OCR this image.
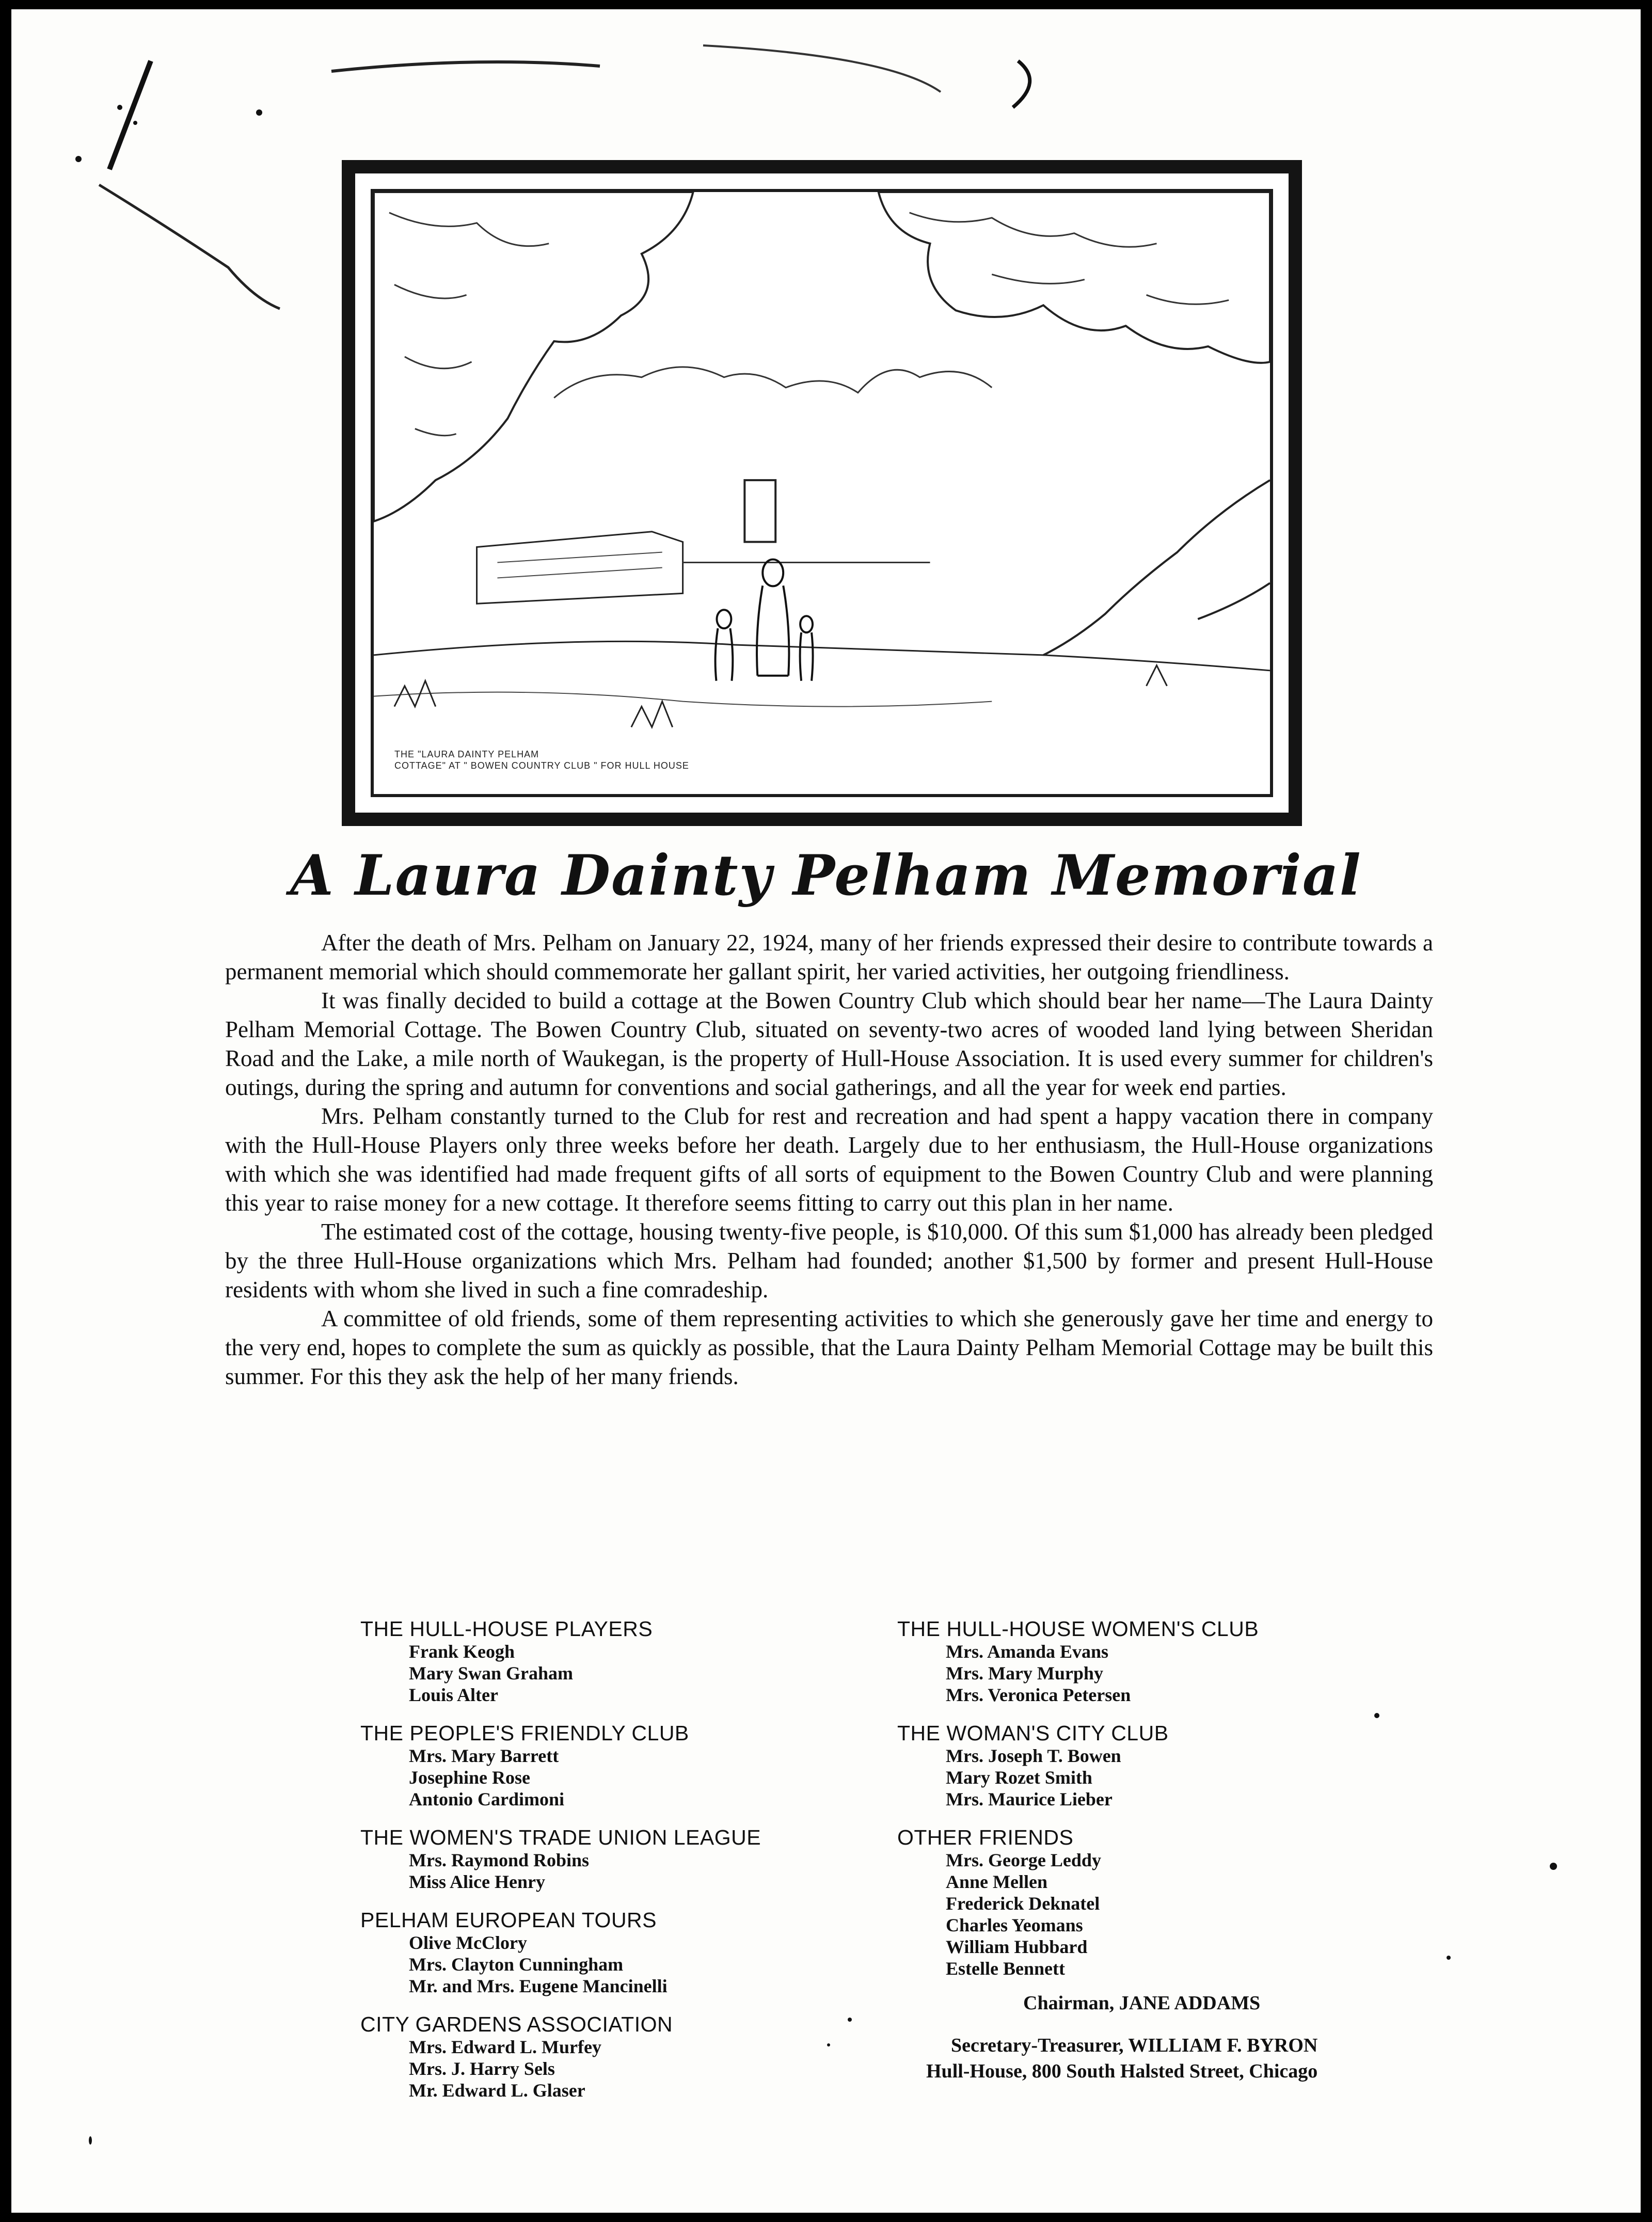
THE "LAURA DAINTY PELHAM
COTTAGE" AT " BOWEN COUNTRY CLUB " FOR HULL HOUSE
A Laura Dainty Pelham Memorial

After the death of Mrs. Pelham on January 22, 1924, many of her friends expressed their desire to contribute towards a permanent memorial which should commemorate her gallant spirit, her varied activities, her outgoing friendliness.

It was finally decided to build a cottage at the Bowen Country Club which should bear her name—The Laura Dainty Pelham Memorial Cottage. The Bowen Country Club, situated on seventy-two acres of wooded land lying between Sheridan Road and the Lake, a mile north of Waukegan, is the property of Hull-House Association. It is used every summer for children's outings, during the spring and autumn for conventions and social gatherings, and all the year for week end parties.

Mrs. Pelham constantly turned to the Club for rest and recreation and had spent a happy vacation there in company with the Hull-House Players only three weeks before her death. Largely due to her enthusiasm, the Hull-House organizations with which she was identified had made frequent gifts of all sorts of equipment to the Bowen Country Club and were planning this year to raise money for a new cottage. It therefore seems fitting to carry out this plan in her name.

The estimated cost of the cottage, housing twenty-five people, is $10,000. Of this sum $1,000 has already been pledged by the three Hull-House organizations which Mrs. Pelham had founded; another $1,500 by former and present Hull-House residents with whom she lived in such a fine comradeship.

A committee of old friends, some of them representing activities to which she generously gave her time and energy to the very end, hopes to complete the sum as quickly as possible, that the Laura Dainty Pelham Memorial Cottage may be built this summer. For this they ask the help of her many friends.

THE HULL-HOUSE PLAYERS
Frank Keogh
Mary Swan Graham
Louis Alter
THE PEOPLE'S FRIENDLY CLUB
Mrs. Mary Barrett
Josephine Rose
Antonio Cardimoni
THE WOMEN'S TRADE UNION LEAGUE
Mrs. Raymond Robins
Miss Alice Henry
PELHAM EUROPEAN TOURS
Olive McClory
Mrs. Clayton Cunningham
Mr. and Mrs. Eugene Mancinelli
CITY GARDENS ASSOCIATION
Mrs. Edward L. Murfey
Mrs. J. Harry Sels
Mr. Edward L. Glaser
THE HULL-HOUSE WOMEN'S CLUB
Mrs. Amanda Evans
Mrs. Mary Murphy
Mrs. Veronica Petersen
THE WOMAN'S CITY CLUB
Mrs. Joseph T. Bowen
Mary Rozet Smith
Mrs. Maurice Lieber
OTHER FRIENDS
Mrs. George Leddy
Anne Mellen
Frederick Deknatel
Charles Yeomans
William Hubbard
Estelle Bennett
Chairman, JANE ADDAMS
Secretary-Treasurer, WILLIAM F. BYRON
Hull-House, 800 South Halsted Street, Chicago
